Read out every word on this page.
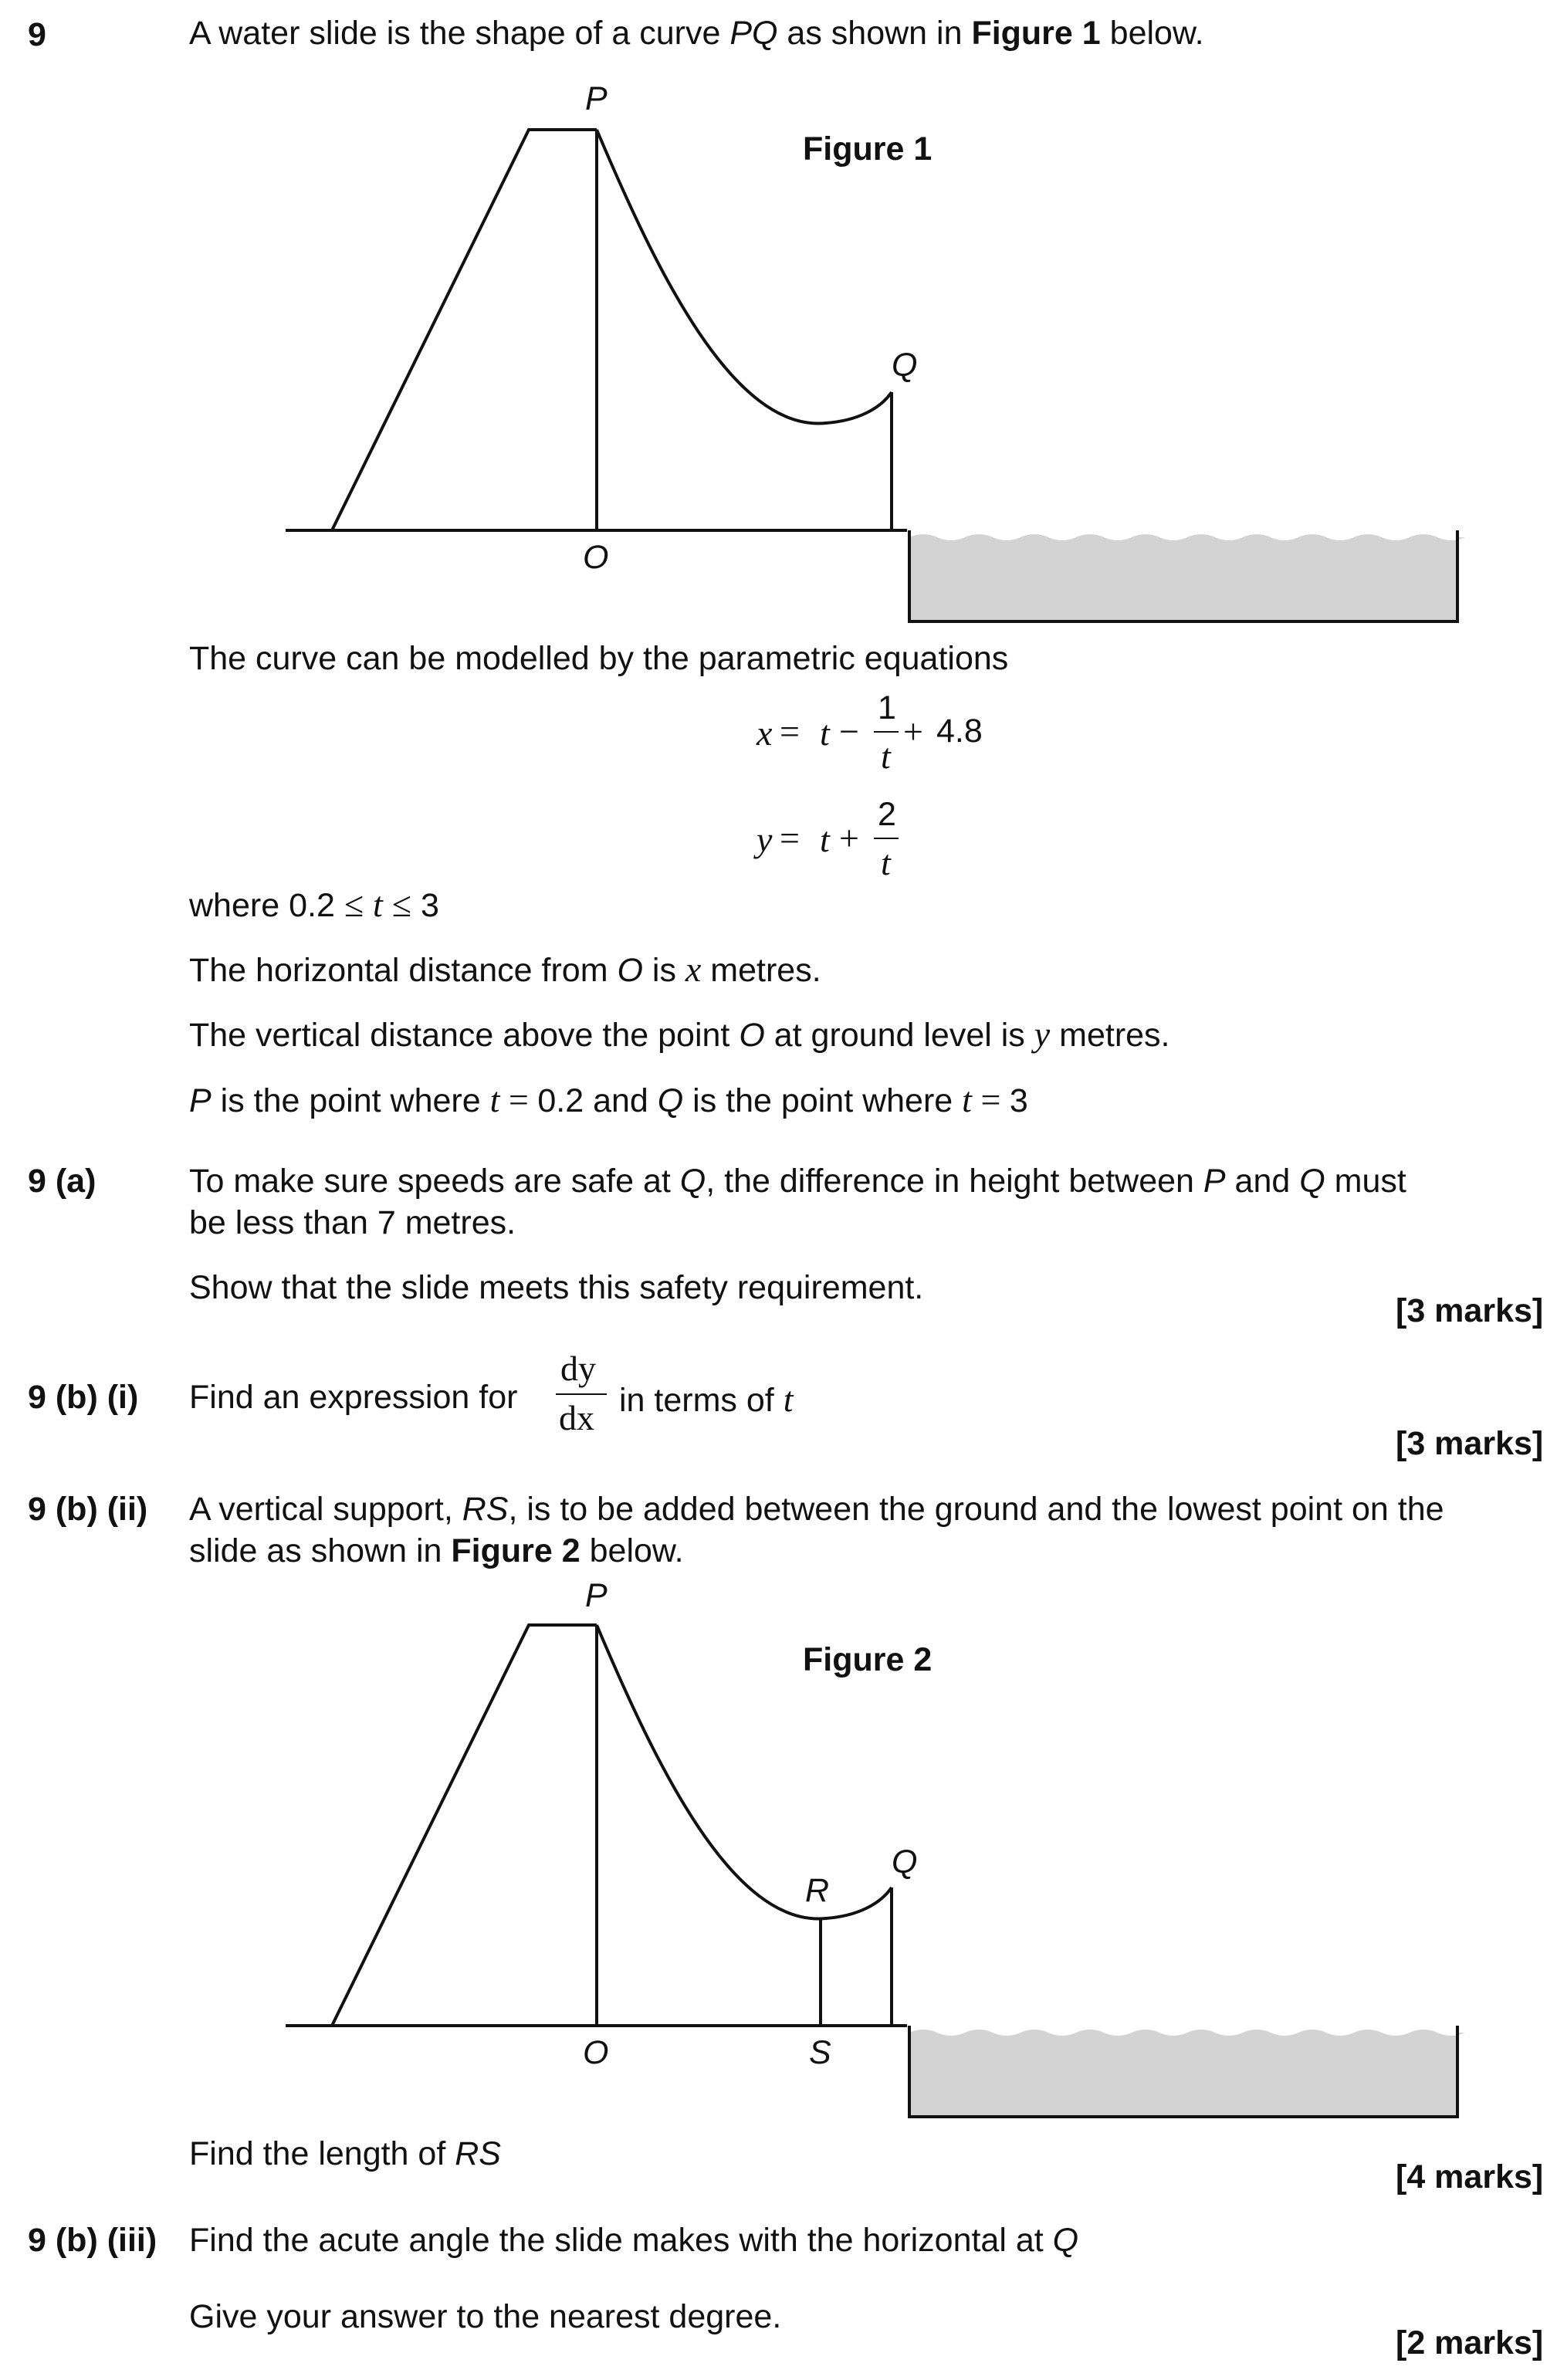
9	A water slide is the shape of a curve PQ as shown in Figure 1 below.
Figure 1
P
Q
O
The curve can be modelled by the parametric equations
x = t −
1
t
+ 4.8
y = t +
2
t
where 0.2 ≤ t ≤ 3
The horizontal distance from O is x metres.
The vertical distance above the point O at ground level is y metres.
P is the point where t = 0.2 and Q is the point where t = 3
9 (a)	To make sure speeds are safe at Q, the difference in height between P and Q must
be less than 7 metres.
Show that the slide meets this safety requirement.
[3 marks]
9 (b) (i) Find an expression for
dy
dx in terms of t
[3 marks]
9 (b) (ii) A vertical support, RS, is to be added between the ground and the lowest point on the
slide as shown in Figure 2 below.
Figure 2
P
Q
R
O	S
Find the length of RS
[4 marks]
9 (b) (iii) Find the acute angle the slide makes with the horizontal at Q
Give your answer to the nearest degree.
[2 marks]
